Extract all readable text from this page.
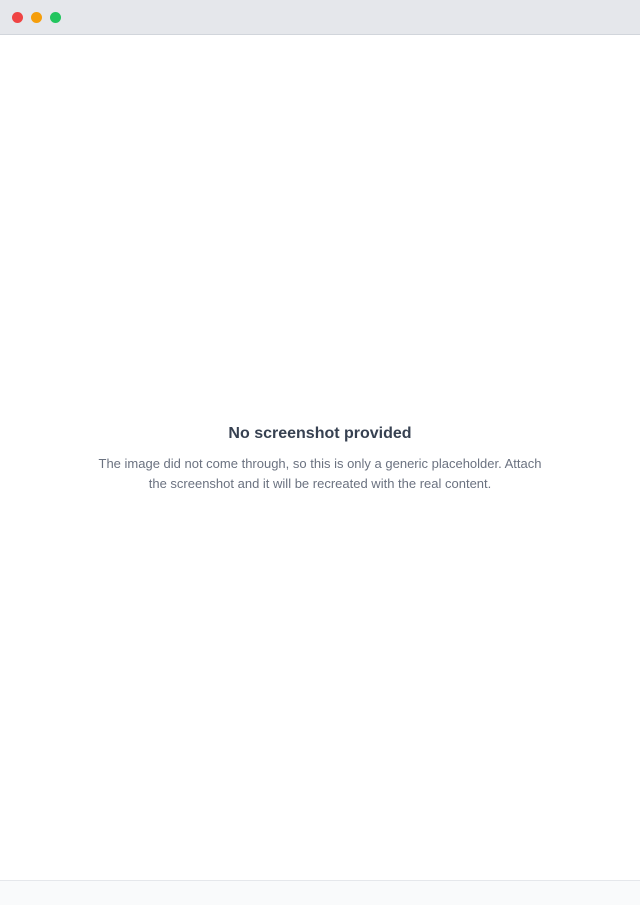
No screenshot provided
The image did not come through, so this is only a generic placeholder. Attach the screenshot and it will be recreated with the real content.
